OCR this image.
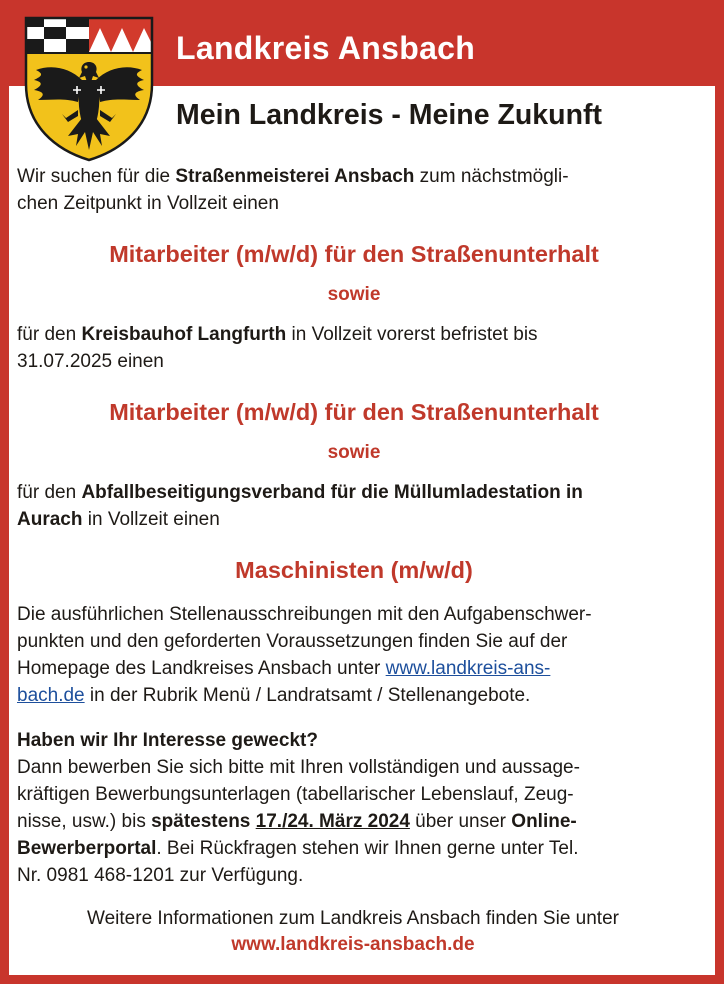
Landkreis Ansbach
Mein Landkreis - Meine Zukunft

Wir suchen für die Straßenmeisterei Ansbach zum nächstmögli-
chen Zeitpunkt in Vollzeit einen

Mitarbeiter (m/w/d) für den Straßenunterhalt

sowie

für den Kreisbauhof Langfurth in Vollzeit vorerst befristet bis
31.07.2025 einen

Mitarbeiter (m/w/d) für den Straßenunterhalt

sowie

für den Abfallbeseitigungsverband für die Müllumladestation in
Aurach in Vollzeit einen

Maschinisten (m/w/d)

Die ausführlichen Stellenausschreibungen mit den Aufgabenschwer-
punkten und den geforderten Voraussetzungen finden Sie auf der
Homepage des Landkreises Ansbach unter www.landkreis-ans-
bach.de in der Rubrik Menü / Landratsamt / Stellenangebote.

Haben wir Ihr Interesse geweckt?
Dann bewerben Sie sich bitte mit Ihren vollständigen und aussage-
kräftigen Bewerbungsunterlagen (tabellarischer Lebenslauf, Zeug-
nisse, usw.) bis spätestens 17./24. März 2024 über unser Online-
Bewerberportal. Bei Rückfragen stehen wir Ihnen gerne unter Tel.
Nr. 0981 468-1201 zur Verfügung.

Weitere Informationen zum Landkreis Ansbach finden Sie unter
www.landkreis-ansbach.de
